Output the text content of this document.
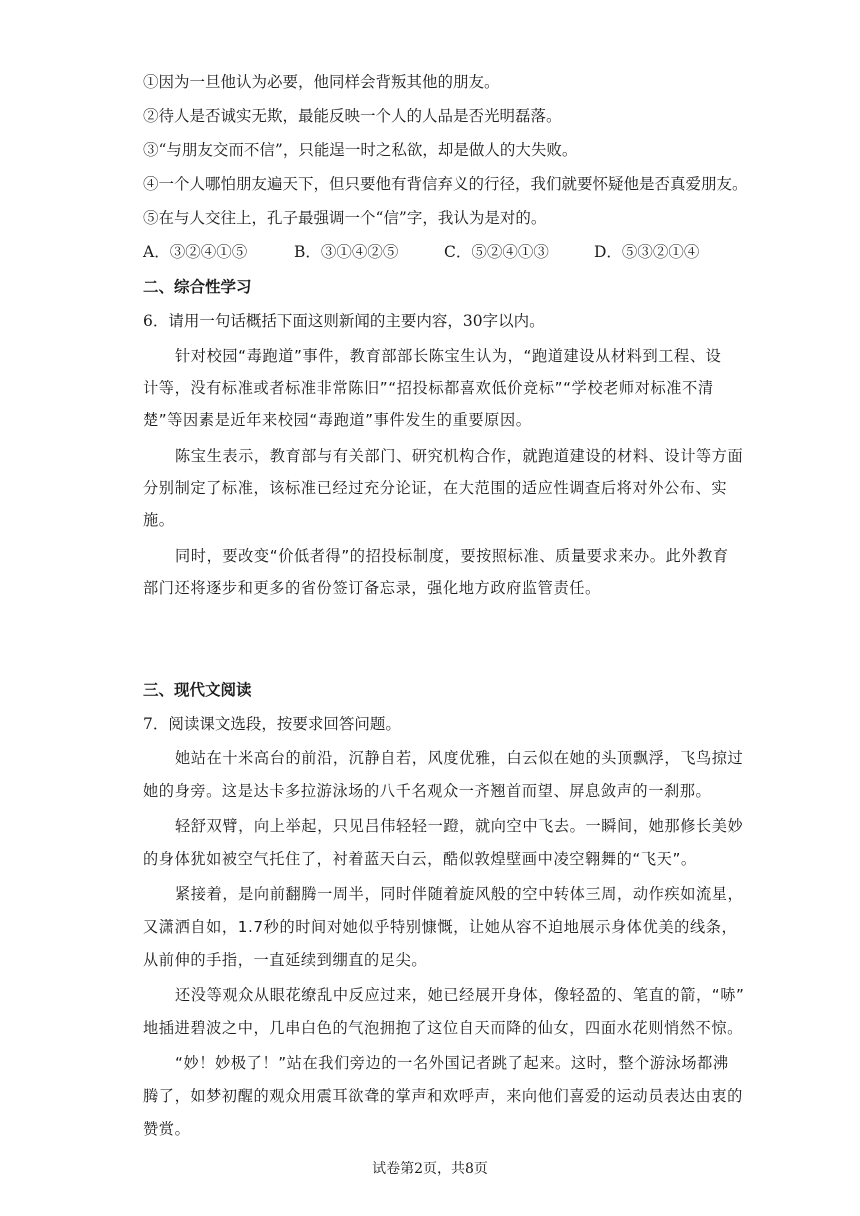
①因为一旦他认为必要，他同样会背叛其他的朋友。
②待人是否诚实无欺，最能反映一个人的人品是否光明磊落。
③“与朋友交而不信”，只能逞一时之私欲，却是做人的大失败。
④一个人哪怕朋友遍天下，但只要他有背信弃义的行径，我们就要怀疑他是否真爱朋友。
⑤在与人交往上，孔子最强调一个“信”字，我认为是对的。
A．③②④①⑤	B．③①④②⑤	C．⑤②④①③	D．⑤③②①④
二、综合性学习
6．请用一句话概括下面这则新闻的主要内容，30字以内。
针对校园“毒跑道”事件，教育部部长陈宝生认为，“跑道建设从材料到工程、设
计等，没有标准或者标准非常陈旧”“招投标都喜欢低价竞标”“学校老师对标准不清
楚”等因素是近年来校园“毒跑道”事件发生的重要原因。
陈宝生表示，教育部与有关部门、研究机构合作，就跑道建设的材料、设计等方面
分别制定了标准，该标准已经过充分论证，在大范围的适应性调查后将对外公布、实
施。
同时，要改变“价低者得”的招投标制度，要按照标准、质量要求来办。此外教育
部门还将逐步和更多的省份签订备忘录，强化地方政府监管责任。
三、现代文阅读
7．阅读课文选段，按要求回答问题。
她站在十米高台的前沿，沉静自若，风度优雅，白云似在她的头顶飘浮，飞鸟掠过
她的身旁。这是达卡多拉游泳场的八千名观众一齐翘首而望、屏息敛声的一刹那。
轻舒双臂，向上举起，只见吕伟轻轻一蹬，就向空中飞去。一瞬间，她那修长美妙
的身体犹如被空气托住了，衬着蓝天白云，酷似敦煌壁画中凌空翱舞的“飞天”。
紧接着，是向前翻腾一周半，同时伴随着旋风般的空中转体三周，动作疾如流星，
又潇洒自如，1.7秒的时间对她似乎特别慷慨，让她从容不迫地展示身体优美的线条，
从前伸的手指，一直延续到绷直的足尖。
还没等观众从眼花缭乱中反应过来，她已经展开身体，像轻盈的、笔直的箭，“哧”
地插进碧波之中，几串白色的气泡拥抱了这位自天而降的仙女，四面水花则悄然不惊。
“妙！妙极了！”站在我们旁边的一名外国记者跳了起来。这时，整个游泳场都沸
腾了，如梦初醒的观众用震耳欲聋的掌声和欢呼声，来向他们喜爱的运动员表达由衷的
赞赏。
试卷第2页，共8页
